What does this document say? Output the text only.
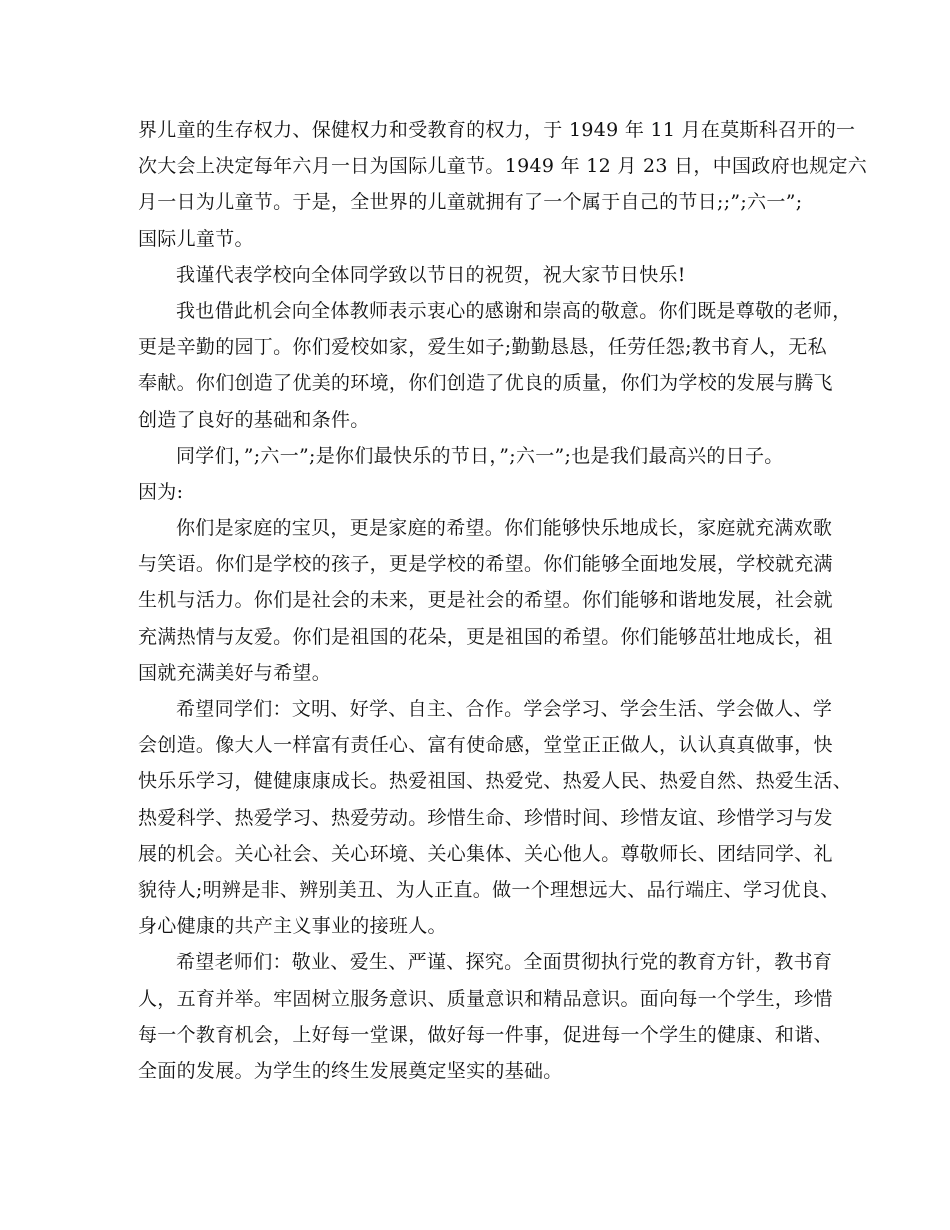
界儿童的生存权力、保健权力和受教育的权力，于 1949 年 11 月在莫斯科召开的一
次大会上决定每年六月一日为国际儿童节。1949 年 12 月 23 日，中国政府也规定六
月一日为儿童节。于是，全世界的儿童就拥有了一个属于自己的节日;;”;六一”;
国际儿童节。
我谨代表学校向全体同学致以节日的祝贺，祝大家节日快乐!
我也借此机会向全体教师表示衷心的感谢和崇高的敬意。你们既是尊敬的老师，
更是辛勤的园丁。你们爱校如家，爱生如子;勤勤恳恳，任劳任怨;教书育人，无私
奉献。你们创造了优美的环境，你们创造了优良的质量，你们为学校的发展与腾飞
创造了良好的基础和条件。
同学们，”;六一”;是你们最快乐的节日，”;六一”;也是我们最高兴的日子。
因为:
你们是家庭的宝贝，更是家庭的希望。你们能够快乐地成长，家庭就充满欢歌
与笑语。你们是学校的孩子，更是学校的希望。你们能够全面地发展，学校就充满
生机与活力。你们是社会的未来，更是社会的希望。你们能够和谐地发展，社会就
充满热情与友爱。你们是祖国的花朵，更是祖国的希望。你们能够茁壮地成长，祖
国就充满美好与希望。
希望同学们：文明、好学、自主、合作。学会学习、学会生活、学会做人、学
会创造。像大人一样富有责任心、富有使命感，堂堂正正做人，认认真真做事，快
快乐乐学习，健健康康成长。热爱祖国、热爱党、热爱人民、热爱自然、热爱生活、
热爱科学、热爱学习、热爱劳动。珍惜生命、珍惜时间、珍惜友谊、珍惜学习与发
展的机会。关心社会、关心环境、关心集体、关心他人。尊敬师长、团结同学、礼
貌待人;明辨是非、辨别美丑、为人正直。做一个理想远大、品行端庄、学习优良、
身心健康的共产主义事业的接班人。
希望老师们：敬业、爱生、严谨、探究。全面贯彻执行党的教育方针，教书育
人，五育并举。牢固树立服务意识、质量意识和精品意识。面向每一个学生，珍惜
每一个教育机会，上好每一堂课，做好每一件事，促进每一个学生的健康、和谐、
全面的发展。为学生的终生发展奠定坚实的基础。
